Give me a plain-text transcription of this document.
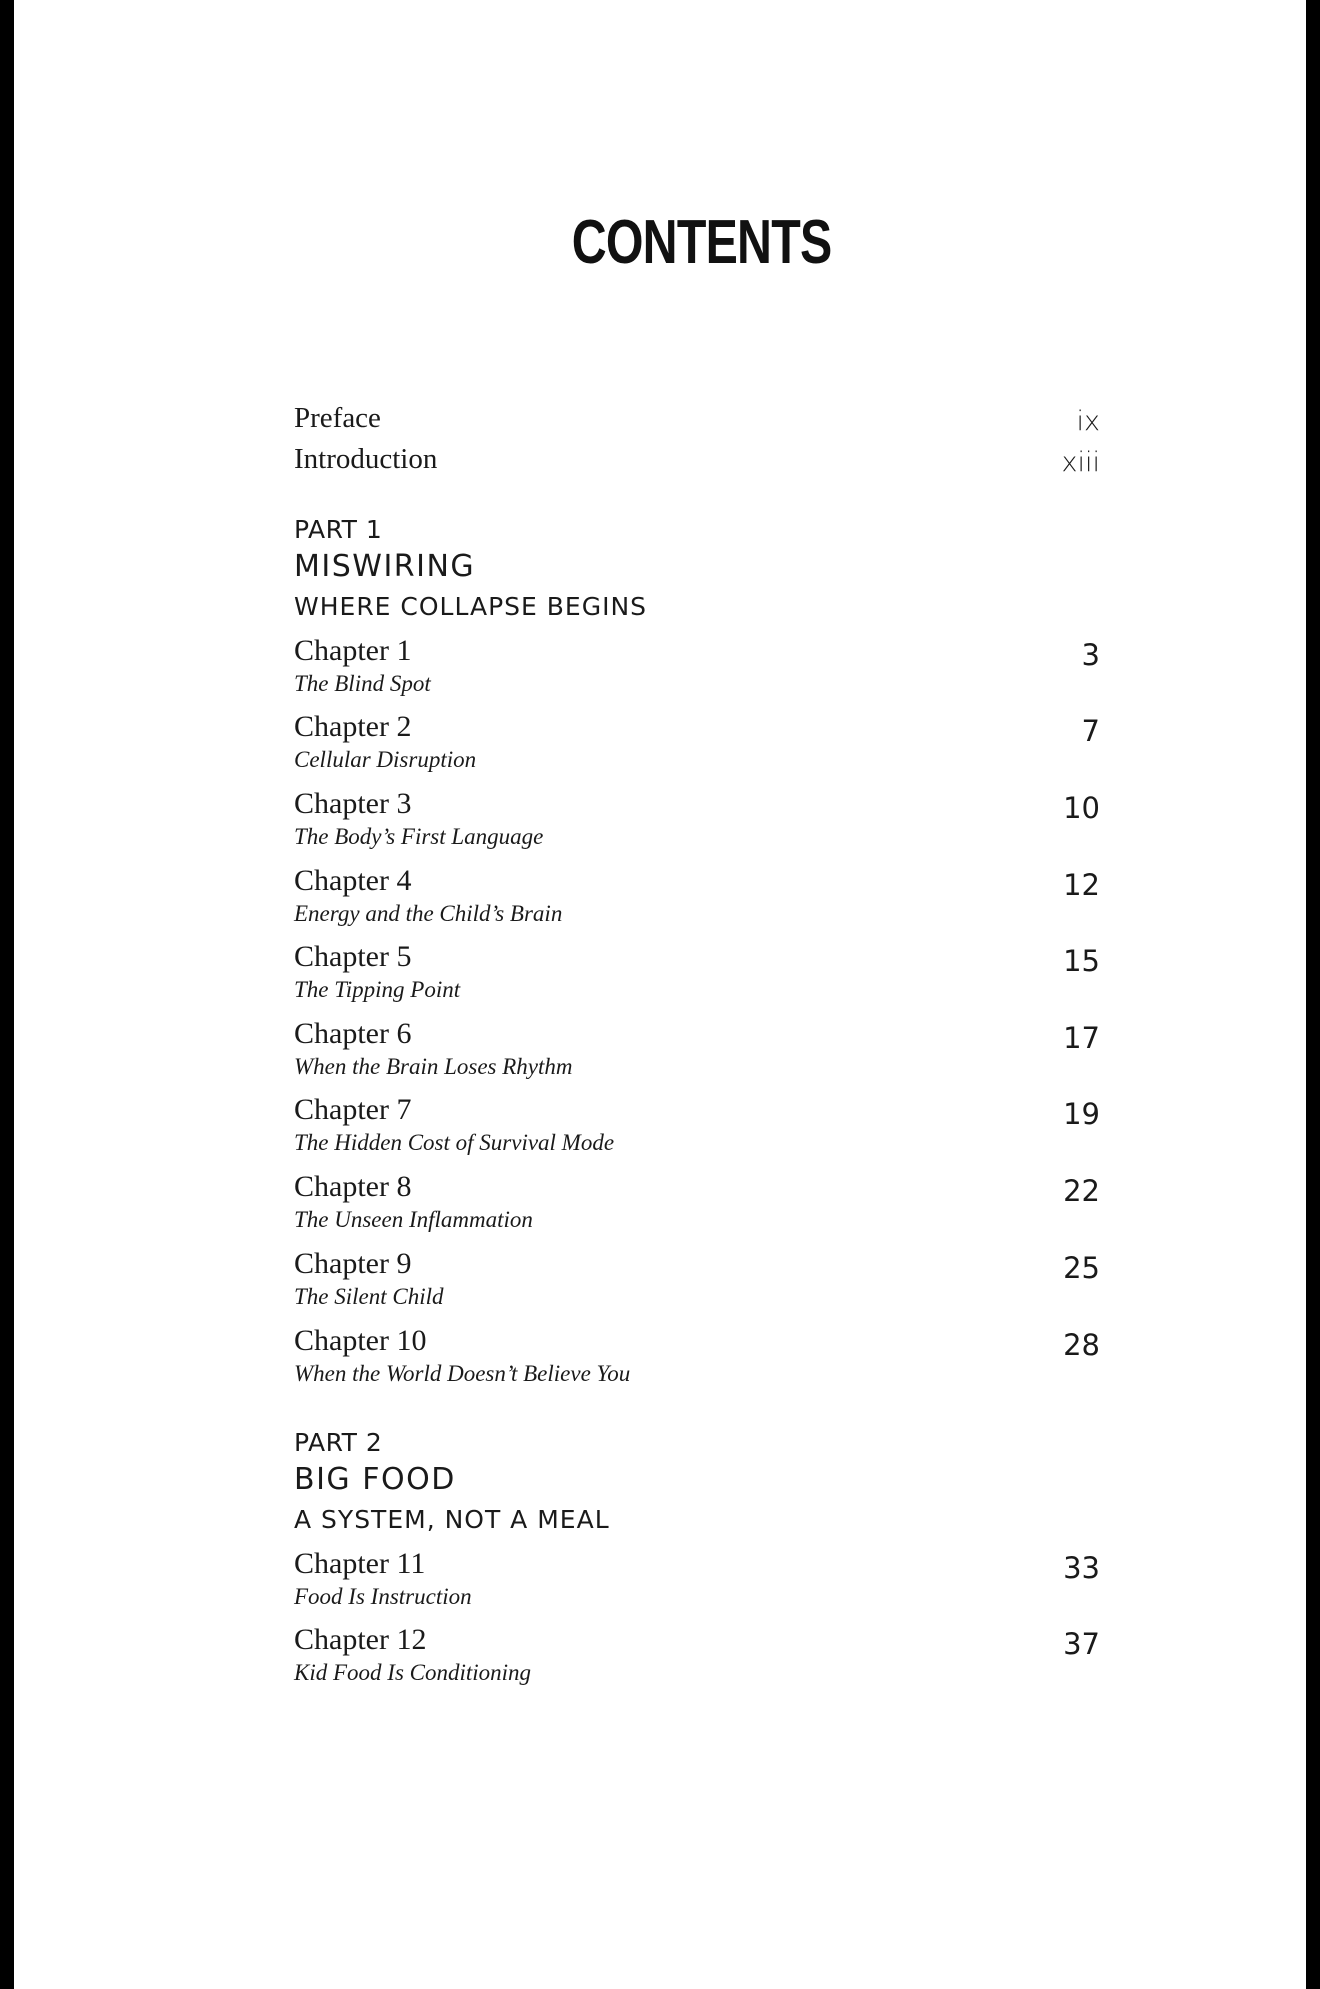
CONTENTS
Preface	ix
Introduction	xiii
PART 1
MISWIRING
WHERE COLLAPSE BEGINS
Chapter 1
The Blind Spot
3
Chapter 2
Cellular Disruption
7
Chapter 3
The Body’s First Language
10
Chapter 4
Energy and the Child’s Brain
12
Chapter 5
The Tipping Point
15
Chapter 6
When the Brain Loses Rhythm
17
Chapter 7
The Hidden Cost of Survival Mode
19
Chapter 8
The Unseen Inflammation
22
Chapter 9
The Silent Child
25
Chapter 10
When the World Doesn’t Believe You
28
PART 2
BIG FOOD
A SYSTEM, NOT A MEAL
Chapter 11
Food Is Instruction
33
Chapter 12
Kid Food Is Conditioning
37
